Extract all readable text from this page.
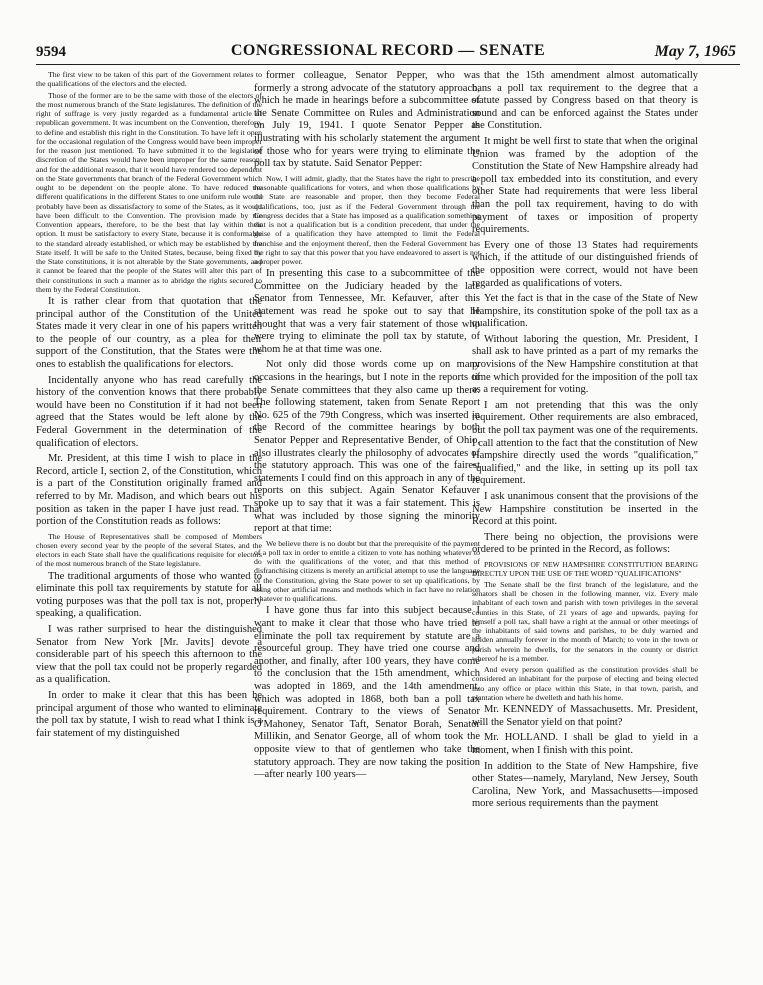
9594	CONGRESSIONAL RECORD — SENATE	May 7, 1965

The first view to be taken of this part of the Government relates to the qualifications of the electors and the elected.

Those of the former are to be the same with those of the electors of the most numerous branch of the State legislatures. The definition of the right of suffrage is very justly regarded as a fundamental article of republican government. It was incumbent on the Convention, therefore, to define and establish this right in the Constitution. To have left it open for the occasional regulation of the Congress would have been improper for the reason just mentioned. To have submitted it to the legislative discretion of the States would have been improper for the same reason; and for the additional reason, that it would have rendered too dependent on the State governments that branch of the Federal Government which ought to be dependent on the people alone. To have reduced the different qualifications in the different States to one uniform rule would probably have been as dissatisfactory to some of the States, as it would have been difficult to the Convention. The provision made by the Convention appears, therefore, to be the best that lay within their option. It must be satisfactory to every State, because it is conformable to the standard already established, or which may be established by the State itself. It will be safe to the United States, because, being fixed by the State constitutions, it is not alterable by the State governments, and it cannot be feared that the people of the States will alter this part of their constitutions in such a manner as to abridge the rights secured to them by the Federal Constitution.

It is rather clear from that quotation that the principal author of the Constitution of the United States made it very clear in one of his papers written to the people of our country, as a plea for their support of the Constitution, that the States were the ones to establish the qualifications for electors.

Incidentally anyone who has read carefully the history of the convention knows that there probably would have been no Constitution if it had not been agreed that the States would be left alone by the Federal Government in the determination of the qualification of electors.

Mr. President, at this time I wish to place in the Record, article I, section 2, of the Constitution, which is a part of the Constitution originally framed and referred to by Mr. Madison, and which bears out his position as taken in the paper I have just read. That portion of the Constitution reads as follows:

The House of Representatives shall be composed of Members chosen every second year by the people of the several States, and the electors in each State shall have the qualifications requisite for electors of the most numerous branch of the State legislature.

The traditional arguments of those who wanted to eliminate this poll tax requirements by statute for all voting purposes was that the poll tax is not, properly speaking, a qualification.

I was rather surprised to hear the distinguished Senator from New York [Mr. Javits] devote a considerable part of his speech this afternoon to the view that the poll tax could not be properly regarded as a qualification.

In order to make it clear that this has been he principal argument of those who wanted to eliminate the poll tax by statute, I wish to read what I think is a fair statement of my distinguished

former colleague, Senator Pepper, who was formerly a strong advocate of the statutory approach, which he made in hearings before a subcommittee of the Senate Committee on Rules and Administration on July 19, 1941. I quote Senator Pepper as illustrating with his scholarly statement the argument of those who for years were trying to eliminate the poll tax by statute. Said Senator Pepper:

Now, I will admit, gladly, that the States have the right to prescribe reasonable qualifications for voters, and when those qualifications by the State are reasonable and proper, then they become Federal qualifications, too, just as if the Federal Government through the Congress decides that a State has imposed as a qualification something that is not a qualification but is a condition precedent, that under the guise of a qualification they have attempted to limit the Federal franchise and the enjoyment thereof, then the Federal Government has the right to say that this power that you have endeavored to assert is not a proper power.

In presenting this case to a subcommittee of the Committee on the Judiciary headed by the late Senator from Tennessee, Mr. Kefauver, after this statement was read he spoke out to say that he thought that was a very fair statement of those who were trying to eliminate the poll tax by statute, of whom he at that time was one.

Not only did those words come up on many occasions in the hearings, but I note in the reports of the Senate committees that they also came up there. The following statement, taken from Senate Report No. 625 of the 79th Congress, which was inserted in the Record of the committee hearings by both Senator Pepper and Representative Bender, of Ohio, also illustrates clearly the philosophy of advocates of the statutory approach. This was one of the fairest statements I could find on this approach in any of the reports on this subject. Again Senator Kefauver spoke up to say that it was a fair statement. This is what was included by those signing the minority report at that time:

We believe there is no doubt but that the prerequisite of the payment of a poll tax in order to entitle a citizen to vote has nothing whatever to do with the qualifications of the voter, and that this method of disfranchising citizens is merely an artificial attempt to use the language of the Constitution, giving the State power to set up qualifications, by using other artificial means and methods which in fact have no relation whatever to qualifications.

I have gone thus far into this subject because I want to make it clear that those who have tried to eliminate the poll tax requirement by statute are a resourceful group. They have tried one course and another, and finally, after 100 years, they have come to the conclusion that the 15th amendment, which was adopted in 1869, and the 14th amendment, which was adopted in 1868, both ban a poll tax requirement. Contrary to the views of Senator O'Mahoney, Senator Taft, Senator Borah, Senator Millikin, and Senator George, all of whom took the opposite view to that of gentlemen who take the statutory approach. They are now taking the position—after nearly 100 years—

that the 15th amendment almost automatically bans a poll tax requirement to the degree that a statute passed by Congress based on that theory is sound and can be enforced against the States under the Constitution.

It might be well first to state that when the original Union was framed by the adoption of the Constitution the State of New Hampshire already had a poll tax embedded into its constitution, and every other State had requirements that were less liberal than the poll tax requirement, having to do with payment of taxes or imposition of property requirements.

Every one of those 13 States had requirements which, if the attitude of our distinguished friends of the opposition were correct, would not have been regarded as qualifications of voters.

Yet the fact is that in the case of the State of New Hampshire, its constitution spoke of the poll tax as a qualification.

Without laboring the question, Mr. President, I shall ask to have printed as a part of my remarks the provisions of the New Hampshire constitution at that time which provided for the imposition of the poll tax as a requirement for voting.

I am not pretending that this was the only requirement. Other requirements are also embraced, but the poll tax payment was one of the requirements. I call attention to the fact that the constitution of New Hampshire directly used the words "qualification," "qualified," and the like, in setting up its poll tax requirement.

I ask unanimous consent that the provisions of the New Hampshire constitution be inserted in the Record at this point.

There being no objection, the provisions were ordered to be printed in the Record, as follows:

PROVISIONS OF NEW HAMPSHIRE CONSTITUTION BEARING DIRECTLY UPON THE USE OF THE WORD "QUALIFICATIONS"

The Senate shall be the first branch of the legislature, and the senators shall be chosen in the following manner, viz. Every male inhabitant of each town and parish with town privileges in the several counties in this State, of 21 years of age and upwards, paying for himself a poll tax, shall have a right at the annual or other meetings of the inhabitants of said towns and parishes, to be duly warned and holden annually forever in the month of March; to vote in the town or parish wherein he dwells, for the senators in the county or district whereof he is a member.

And every person qualified as the constitution provides shall be considered an inhabitant for the purpose of electing and being elected into any office or place within this State, in that town, parish, and plantation where he dwelleth and hath his home.

Mr. KENNEDY of Massachusetts. Mr. President, will the Senator yield on that point?

Mr. HOLLAND. I shall be glad to yield in a moment, when I finish with this point.

In addition to the State of New Hampshire, five other States—namely, Maryland, New Jersey, South Carolina, New York, and Massachusetts—imposed more serious requirements than the payment
